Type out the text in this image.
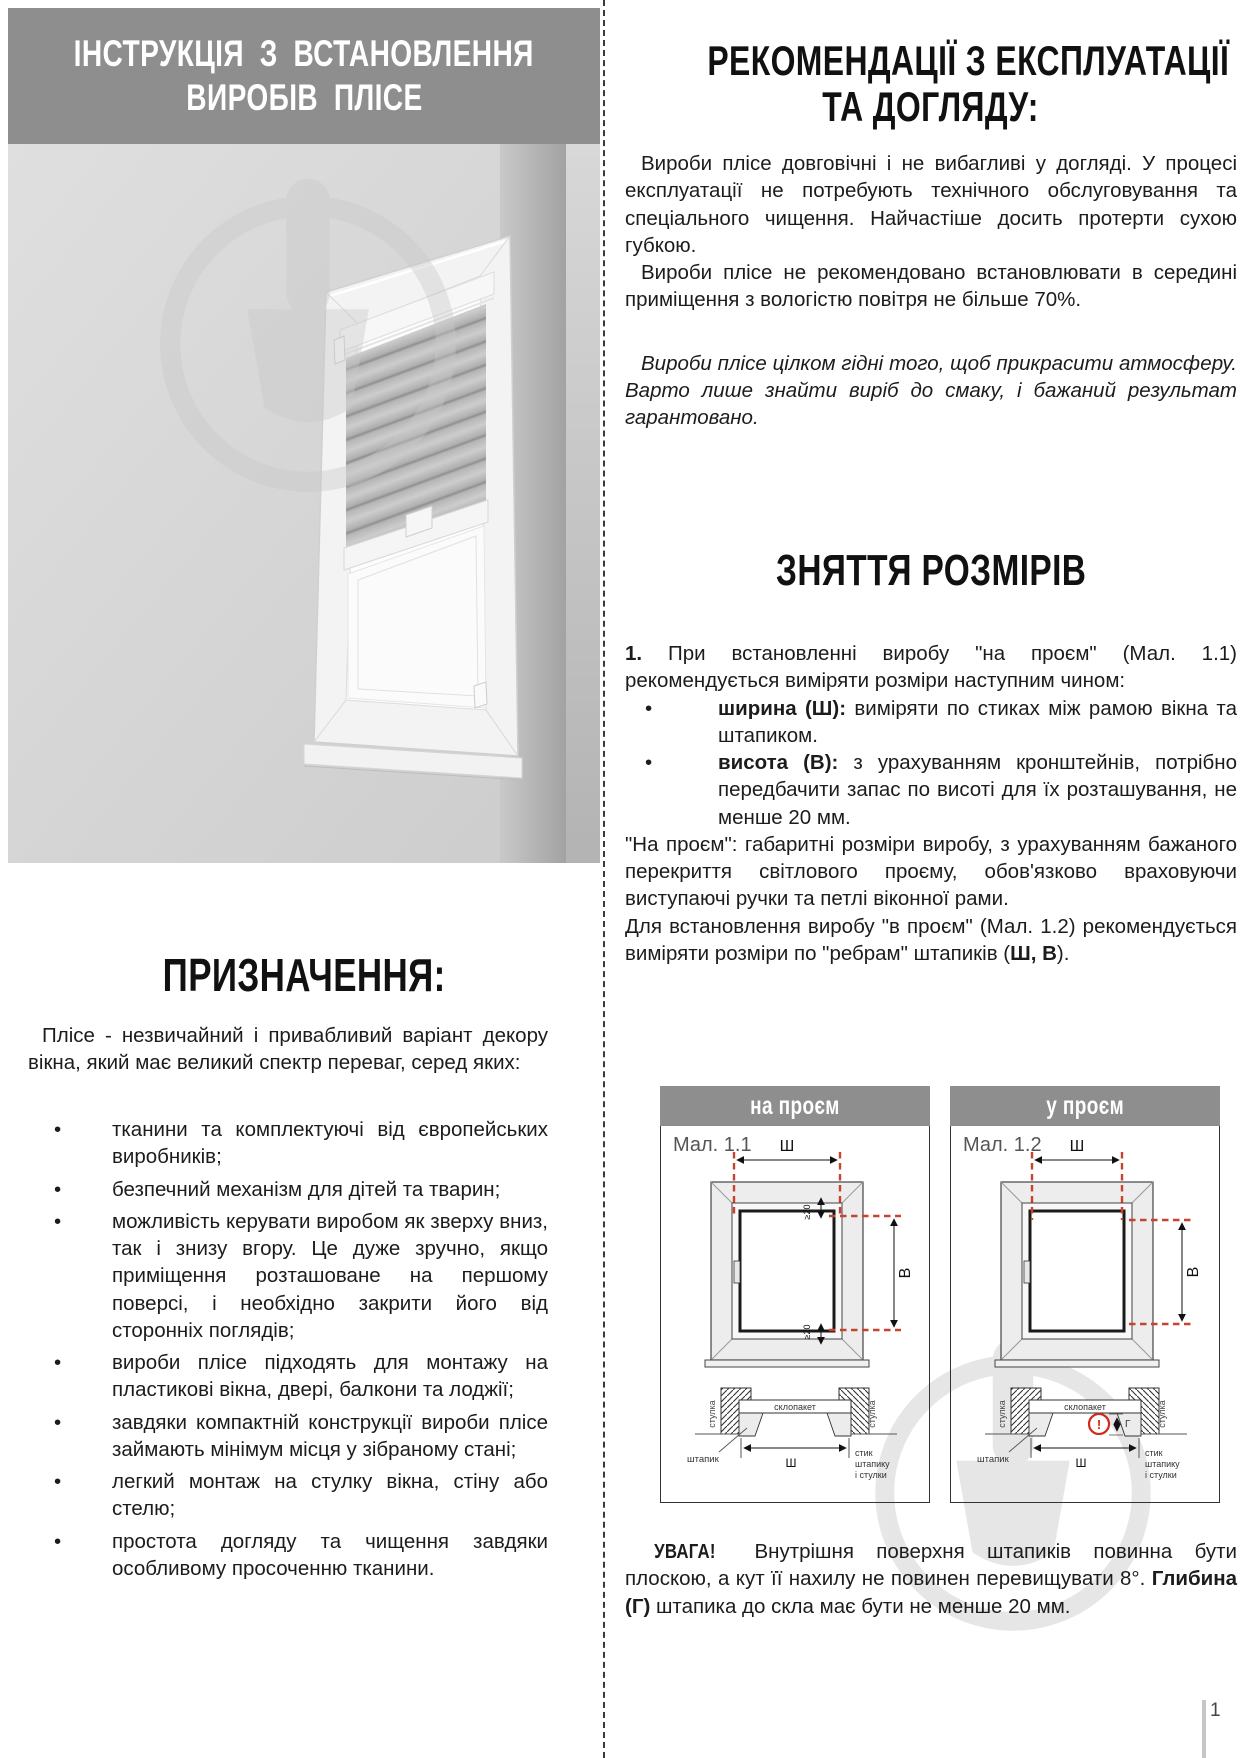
ІНСТРУКЦІЯ З ВСТАНОВЛЕННЯ
ВИРОБІВ ПЛІСЕ
ПРИЗНАЧЕННЯ:
Плісе - незвичайний і привабливий варіант декору вікна, який має великий спектр переваг, серед яких:
•	тканини та комплектуючі від європейських виробників;
•	безпечний механізм для дітей та тварин;
•	можливість керувати виробом як зверху вниз, так і знизу вгору. Це дуже зручно, якщо приміщення розташоване на першому поверсі, і необхідно закрити його від сторонніх поглядів;
•	вироби плісе підходять для монтажу на пластикові вікна, двері, балкони та лоджії;
•	завдяки компактній конструкції вироби плісе займають мінімум місця у зібраному стані;
•	легкий монтаж на стулку вікна, стіну або стелю;
•	простота догляду та чищення завдяки особливому просоченню тканини.
РЕКОМЕНДАЦІЇ З ЕКСПЛУАТАЦІЇ
ТА ДОГЛЯДУ:

Вироби плісе довговічні і не вибагливі у догляді. У процесі експлуатації не потребують технічного обслуговування та спеціального чищення. Найчастіше досить протерти сухою губкою.

Вироби плісе не рекомендовано встановлювати в середині приміщення з вологістю повітря не більше 70%.

Вироби плісе цілком гідні того, щоб прикрасити атмосферу. Варто лише знайти виріб до смаку, і бажаний результат гарантовано.

ЗНЯТТЯ РОЗМІРІВ

1. При встановленні виробу "на проєм" (Мал. 1.1) рекомендується виміряти розміри наступним чином:

•	ширина (Ш): виміряти по стиках між рамою вікна та штапиком.
•	висота (В): з урахуванням кронштейнів, потрібно передбачити запас по висоті для їх розташування, не менше 20 мм.

"На проєм": габаритні розміри виробу, з урахуванням бажаного перекриття світлового проєму, обов'язково враховуючи виступаючі ручки та петлі віконної рами.

Для встановлення виробу "в проєм" (Мал. 1.2) рекомендується виміряти розміри по "ребрам" штапиків (Ш, В).

на проєм
Мал. 1.1 Ш
В
≥20
≥20
стулка	стулка
склопакет
штапик	Ш
стик
штапику
і стулки
у проєм
Мал. 1.2 Ш
В
! Г
стулка	стулка
склопакет
штапик	Ш
стик
штапику
і стулки
УВАГА! Внутрішня поверхня штапиків повинна бути плоскою, а кут її нахилу не повинен перевищувати 8°. Глибина (Г) штапика до скла має бути не менше 20 мм.
1
